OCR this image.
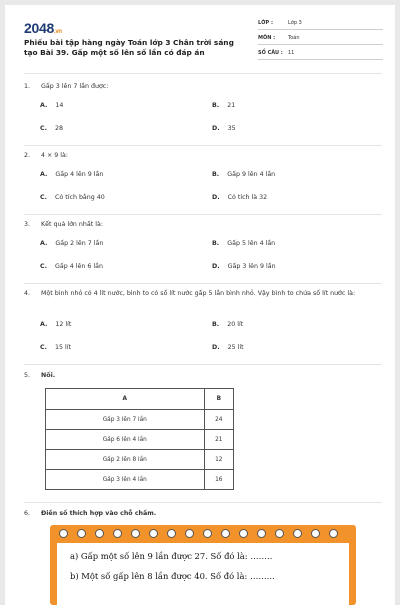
2048.vn
Phiếu bài tập hàng ngày Toán lớp 3 Chân trời sáng tạo Bài 39. Gấp một số lên số lần có đáp án
LỚP :	Lớp 3
MÔN :	Toán
SỐ CÂU : 11
1. Gấp 3 lên 7 lần được:
A. 14	B. 21
C. 28	D. 35
2. 4 × 9 là:
A. Gấp 4 lên 9 lần	B. Gấp 9 lên 4 lần
C. Có tích bằng 40	D. Có tích là 32
3. Kết quả lớn nhất là:
A. Gấp 2 lên 7 lần	B. Gấp 5 lên 4 lần
C. Gấp 4 lên 6 lần	D. Gấp 3 lên 9 lần
4. Một bình nhỏ có 4 lít nước, bình to có số lít nước gấp 5 lần bình nhỏ. Vậy bình to chứa số lít nước là:
A. 12 lít	B. 20 lít
C. 15 lít	D. 25 lít
5. Nối.
A	B
Gấp 3 lên 7 lần	24
Gấp 6 lên 4 lần	21
Gấp 2 lên 8 lần	12
Gấp 3 lên 4 lần	16
6. Điền số thích hợp vào chỗ chấm.
a) Gấp một số lên 9 lần được 27. Số đó là: ……..
b) Một số gấp lên 8 lần được 40. Số đó là: ……...
